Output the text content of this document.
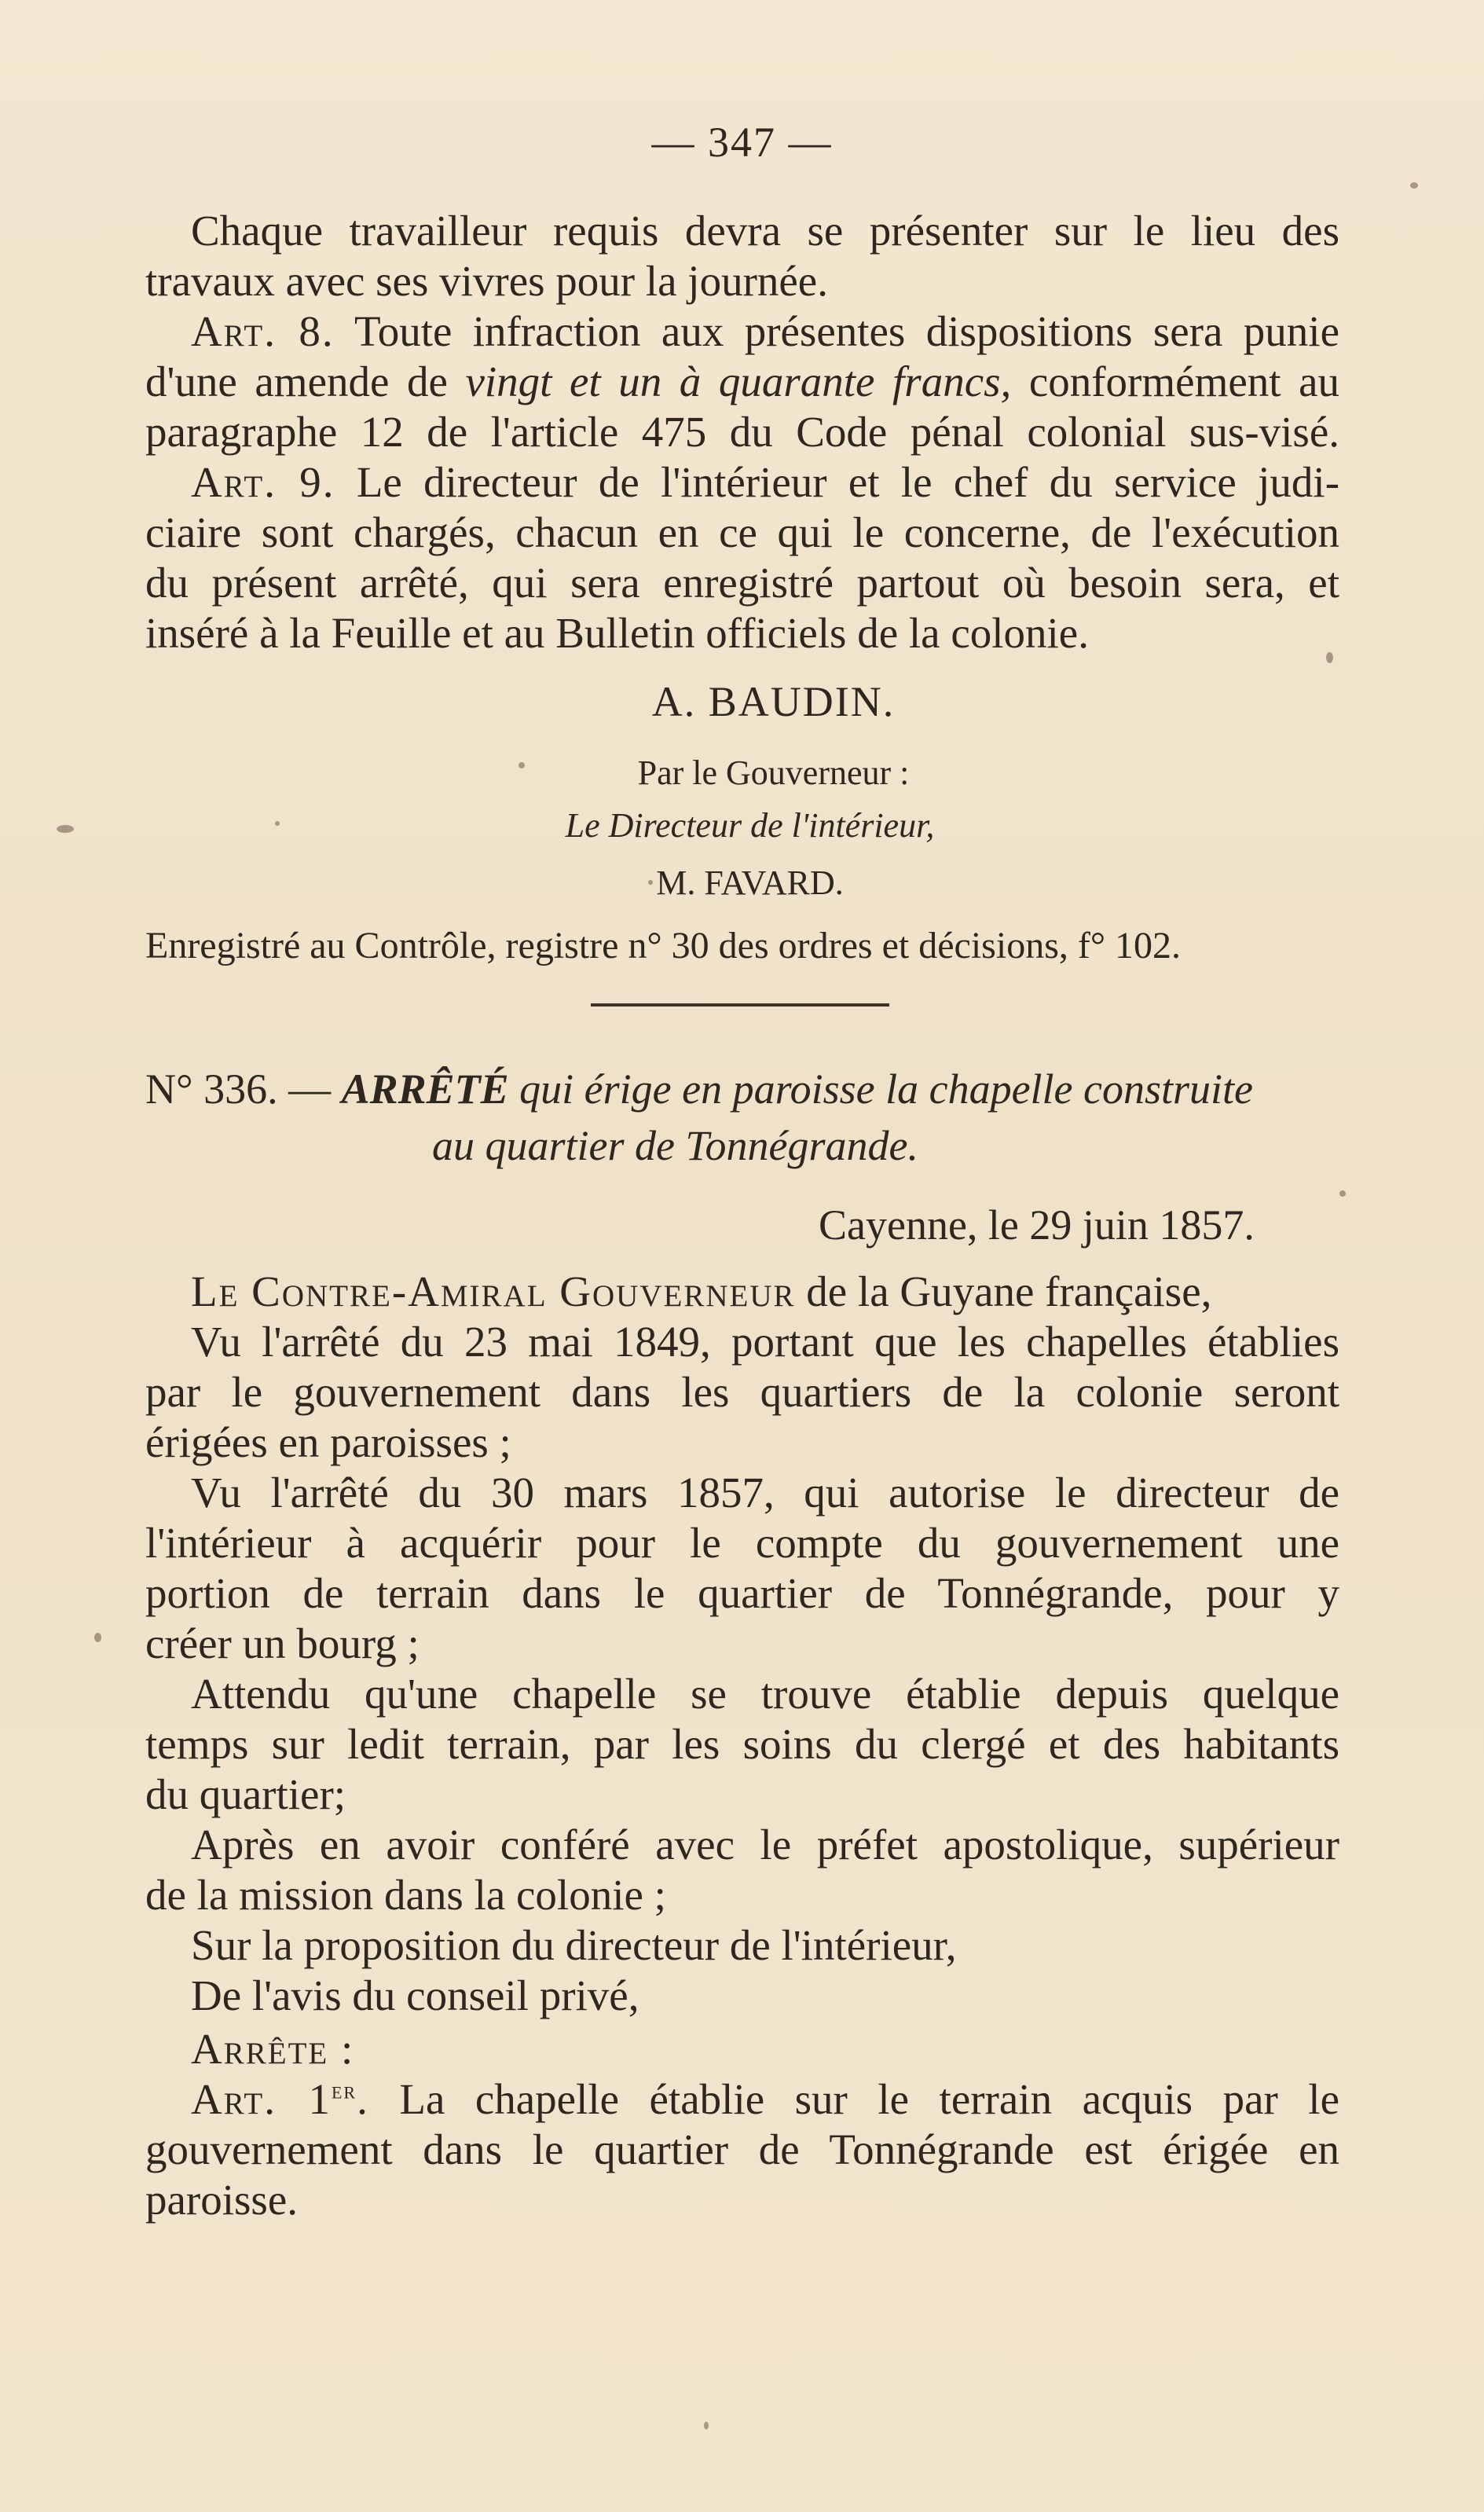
— 347 —
Chaque travailleur requis devra se présenter sur le lieu des
travaux avec ses vivres pour la journée.
Art. 8. Toute infraction aux présentes dispositions sera punie
d'une amende de vingt et un à quarante francs, conformément au
paragraphe 12 de l'article 475 du Code pénal colonial sus-visé.
Art. 9. Le directeur de l'intérieur et le chef du service judi-
ciaire sont chargés, chacun en ce qui le concerne, de l'exécution
du présent arrêté, qui sera enregistré partout où besoin sera, et
inséré à la Feuille et au Bulletin officiels de la colonie.
A. BAUDIN.
Par le Gouverneur :
Le Directeur de l'intérieur,
M. FAVARD.
Enregistré au Contrôle, registre n° 30 des ordres et décisions, f° 102.
N° 336. — ARRÊTÉ qui érige en paroisse la chapelle construite
au quartier de Tonnégrande.
Cayenne, le 29 juin 1857.
Le Contre-Amiral Gouverneur de la Guyane française,
Vu l'arrêté du 23 mai 1849, portant que les chapelles établies
par le gouvernement dans les quartiers de la colonie seront
érigées en paroisses ;
Vu l'arrêté du 30 mars 1857, qui autorise le directeur de
l'intérieur à acquérir pour le compte du gouvernement une
portion de terrain dans le quartier de Tonnégrande, pour y
créer un bourg ;
Attendu qu'une chapelle se trouve établie depuis quelque
temps sur ledit terrain, par les soins du clergé et des habitants
du quartier;
Après en avoir conféré avec le préfet apostolique, supérieur
de la mission dans la colonie ;
Sur la proposition du directeur de l'intérieur,
De l'avis du conseil privé,
Arrête :
Art. 1er. La chapelle établie sur le terrain acquis par le
gouvernement dans le quartier de Tonnégrande est érigée en
paroisse.
